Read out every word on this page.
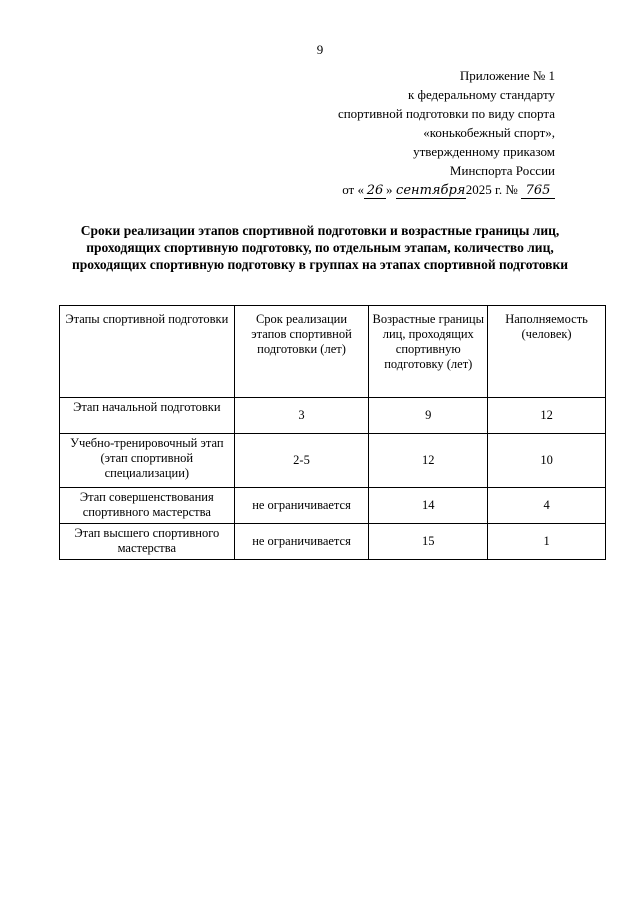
9
Приложение № 1
к федеральному стандарту
спортивной подготовки по виду спорта
«конькобежный спорт»,
утвержденному приказом
Минспорта России
от « 26 » сентября2025 г. № 765
Сроки реализации этапов спортивной подготовки и возрастные границы лиц, проходящих спортивную подготовку, по отдельным этапам, количество лиц, проходящих спортивную подготовку в группах на этапах спортивной подготовки
Этапы спортивной подготовки	Срок реализации этапов спортивной подготовки (лет)	Возрастные границы лиц, проходящих спортивную подготовку (лет)	Наполняемость (человек)
Этап начальной подготовки	3	9	12
Учебно-тренировочный этап (этап спортивной специализации)	2-5	12	10
Этап совершенствования спортивного мастерства	не ограничивается	14	4
Этап высшего спортивного мастерства	не ограничивается	15	1
